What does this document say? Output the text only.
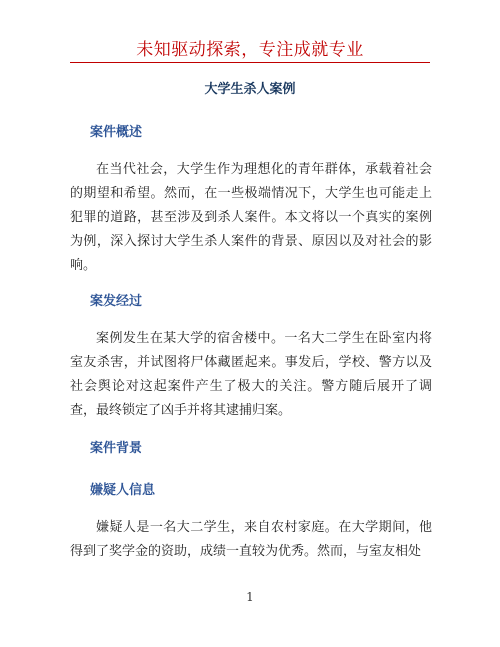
未知驱动探索，专注成就专业
大学生杀人案例
案件概述

在当代社会，大学生作为理想化的青年群体，承载着社会的期望和希望。然而，在一些极端情况下，大学生也可能走上犯罪的道路，甚至涉及到杀人案件。本文将以一个真实的案例为例，深入探讨大学生杀人案件的背景、原因以及对社会的影响。

案发经过

案例发生在某大学的宿舍楼中。一名大二学生在卧室内将室友杀害，并试图将尸体藏匿起来。事发后，学校、警方以及社会舆论对这起案件产生了极大的关注。警方随后展开了调查，最终锁定了凶手并将其逮捕归案。

案件背景
嫌疑人信息

嫌疑人是一名大二学生，来自农村家庭。在大学期间，他得到了奖学金的资助，成绩一直较为优秀。然而，与室友相处

1
